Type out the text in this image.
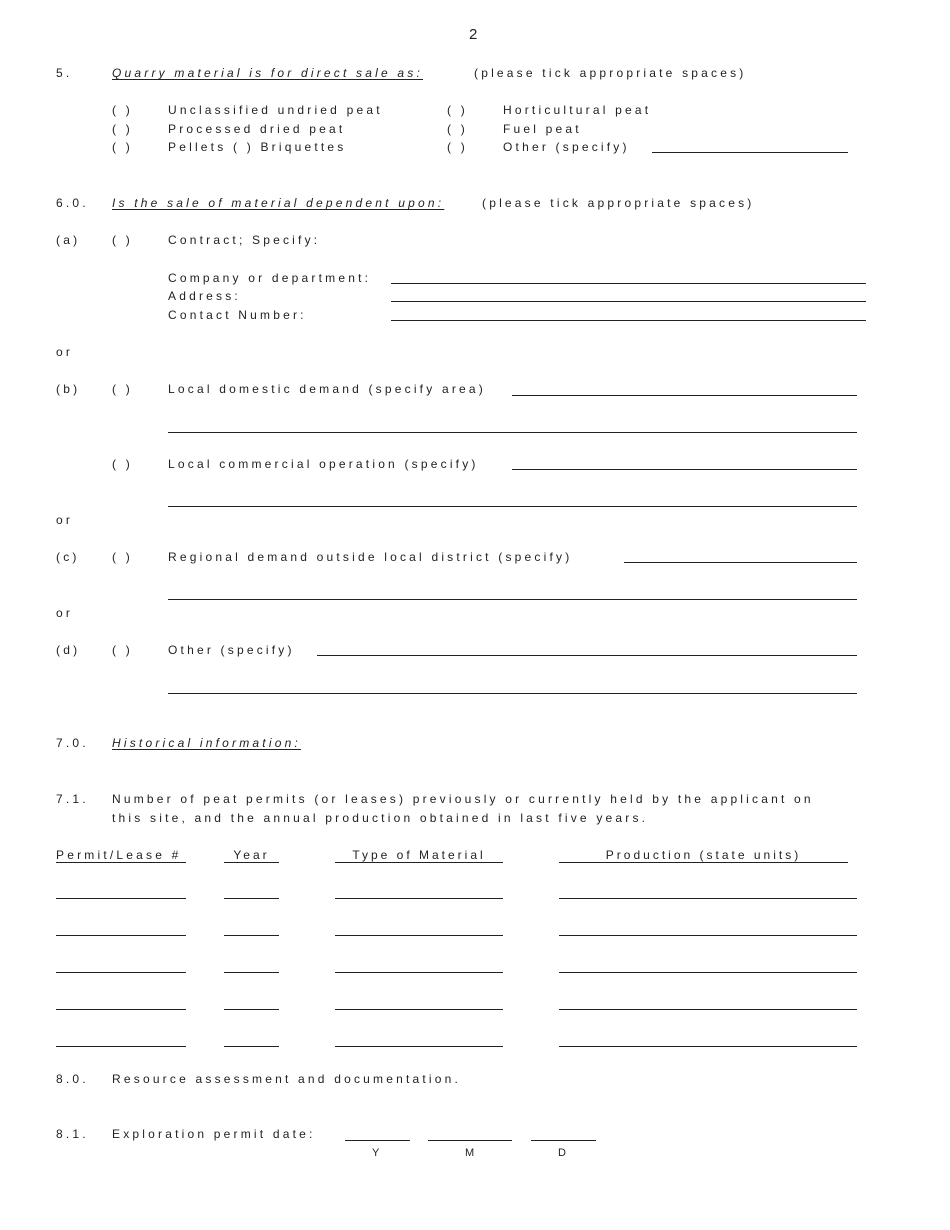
2
5.	Quarry material is for direct sale as:	(please tick appropriate spaces)
( )	Unclassified undried peat
( )	Processed dried peat
( )	Pellets ( ) Briquettes
( )	Horticultural peat
( )	Fuel peat
( )	Other (specify)
6.0. Is the sale of material dependent upon:	(please tick appropriate spaces)
(a)	( )	Contract; Specify:
Company or department:
Address:
Contact Number:
or
(b)	( )	Local domestic demand (specify area)
( )	Local commercial operation (specify)
or
(c)	( )	Regional demand outside local district (specify)
or
(d)	( )	Other (specify)
7.0. Historical information:
7.1. Number of peat permits (or leases) previously or currently held by the applicant on
this site, and the annual production obtained in last five years.
Permit/Lease #	Year	Type of Material	Production (state units)
8.0. Resource assessment and documentation.
8.1. Exploration permit date:
Y	M	D
